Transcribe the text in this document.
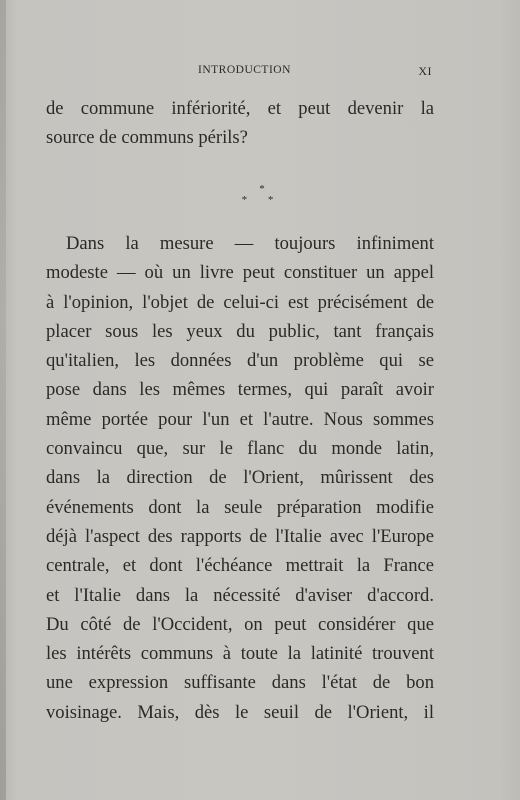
INTRODUCTION	XI
de commune infériorité, et peut devenir la
source de communs périls?
*
* *
Dans la mesure — toujours infiniment
modeste — où un livre peut constituer un appel
à l'opinion, l'objet de celui-ci est précisément de
placer sous les yeux du public, tant français
qu'italien, les données d'un problème qui se
pose dans les mêmes termes, qui paraît avoir
même portée pour l'un et l'autre. Nous sommes
convaincu que, sur le flanc du monde latin,
dans la direction de l'Orient, mûrissent des
événements dont la seule préparation modifie
déjà l'aspect des rapports de l'Italie avec l'Europe
centrale, et dont l'échéance mettrait la France
et l'Italie dans la nécessité d'aviser d'accord.
Du côté de l'Occident, on peut considérer que
les intérêts communs à toute la latinité trouvent
une expression suffisante dans l'état de bon
voisinage. Mais, dès le seuil de l'Orient, il
